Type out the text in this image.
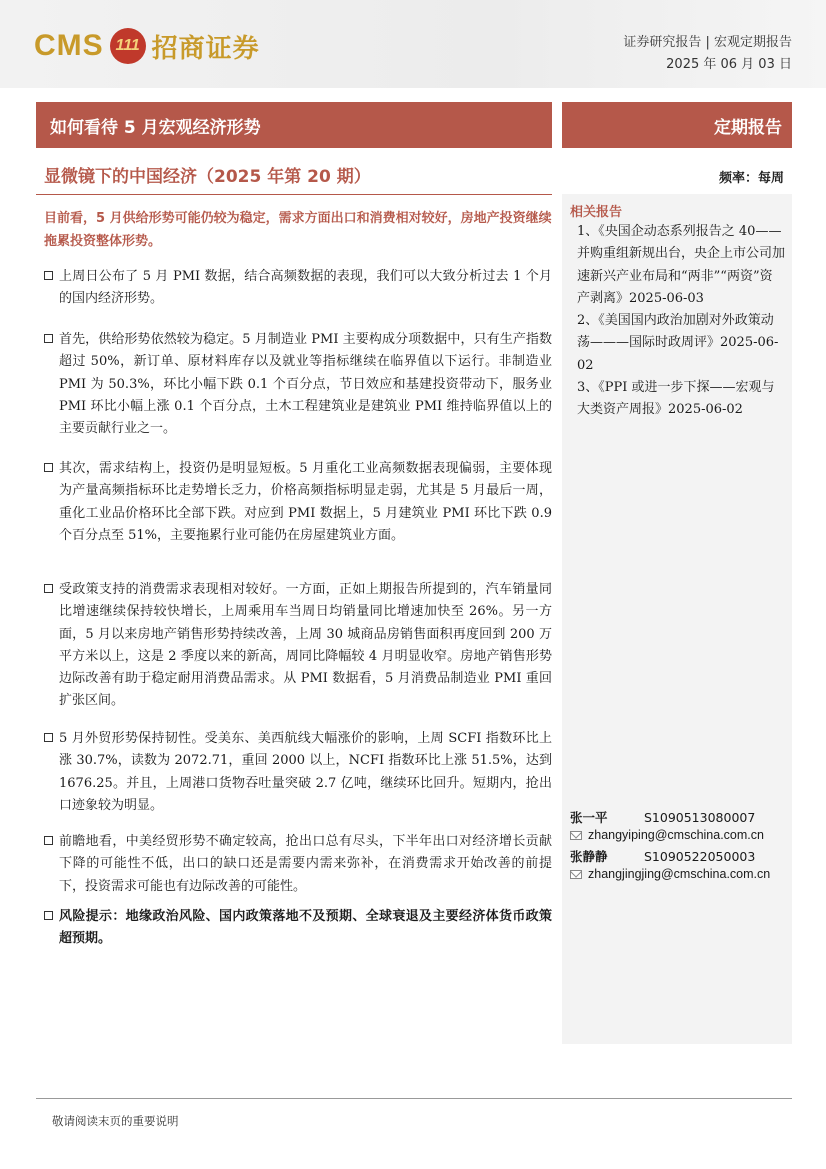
CMS 111 招商证券	证券研究报告 | 宏观定期报告
2025 年 06 月 03 日
如何看待 5 月宏观经济形势	定期报告
显微镜下的中国经济（2025 年第 20 期）	频率：每周
相关报告
1、《央国企动态系列报告之 40——并购重组新规出台，央企上市公司加速新兴产业布局和“两非”“两资”资产剥离》2025-06-03
2、《美国国内政治加剧对外政策动荡———国际时政周评》2025-06-02
3、《PPI 或进一步下探——宏观与大类资产周报》2025-06-02
目前看，5 月供给形势可能仍较为稳定，需求方面出口和消费相对较好，房地产投资继续拖累投资整体形势。
上周日公布了 5 月 PMI 数据，结合高频数据的表现，我们可以大致分析过去 1 个月的国内经济形势。
首先，供给形势依然较为稳定。5 月制造业 PMI 主要构成分项数据中，只有生产指数超过 50%，新订单、原材料库存以及就业等指标继续在临界值以下运行。非制造业 PMI 为 50.3%，环比小幅下跌 0.1 个百分点，节日效应和基建投资带动下，服务业 PMI 环比小幅上涨 0.1 个百分点，土木工程建筑业是建筑业 PMI 维持临界值以上的主要贡献行业之一。
其次，需求结构上，投资仍是明显短板。5 月重化工业高频数据表现偏弱，主要体现为产量高频指标环比走势增长乏力，价格高频指标明显走弱，尤其是 5 月最后一周，重化工业品价格环比全部下跌。对应到 PMI 数据上，5 月建筑业 PMI 环比下跌 0.9 个百分点至 51%，主要拖累行业可能仍在房屋建筑业方面。
受政策支持的消费需求表现相对较好。一方面，正如上期报告所提到的，汽车销量同比增速继续保持较快增长，上周乘用车当周日均销量同比增速加快至 26%。另一方面，5 月以来房地产销售形势持续改善，上周 30 城商品房销售面积再度回到 200 万平方米以上，这是 2 季度以来的新高，周同比降幅较 4 月明显收窄。房地产销售形势边际改善有助于稳定耐用消费品需求。从 PMI 数据看，5 月消费品制造业 PMI 重回扩张区间。
5 月外贸形势保持韧性。受美东、美西航线大幅涨价的影响，上周 SCFI 指数环比上涨 30.7%，读数为 2072.71，重回 2000 以上，NCFI 指数环比上涨 51.5%，达到 1676.25。并且，上周港口货物吞吐量突破 2.7 亿吨，继续环比回升。短期内，抢出口迹象较为明显。
前瞻地看，中美经贸形势不确定较高，抢出口总有尽头，下半年出口对经济增长贡献下降的可能性不低，出口的缺口还是需要内需来弥补，在消费需求开始改善的前提下，投资需求可能也有边际改善的可能性。
风险提示：地缘政治风险、国内政策落地不及预期、全球衰退及主要经济体货币政策超预期。
张一平	S1090513080007
zhangyiping@cmschina.com.cn
张静静	S1090522050003
zhangjingjing@cmschina.com.cn
敬请阅读末页的重要说明
